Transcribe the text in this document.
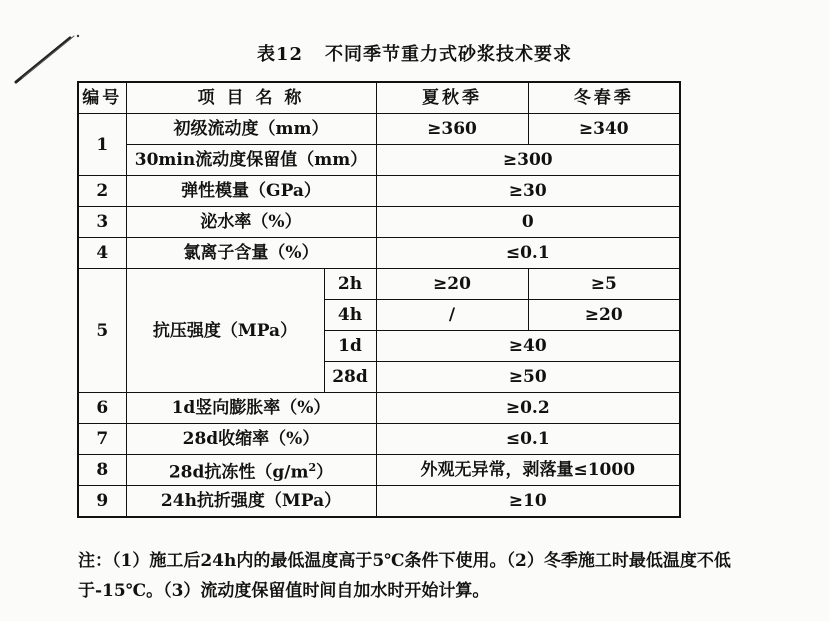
表12 不同季节重力式砂浆技术要求
编号	项 目 名 称		夏秋季	冬春季
1	初级流动度（mm）		≥360	≥340
	30min流动度保留值（mm）		≥300	
2	弹性模量（GPa）		≥30	
3	泌水率（%）		0	
4	氯离子含量（%）		≤0.1	
5	抗压强度（MPa）	2h	≥20	≥5
		4h	/	≥20
		1d	≥40	
		28d	≥50	
6	1d竖向膨胀率（%）		≥0.2	
7	28d收缩率（%）		≤0.1	
8	28d抗冻性$(g/m^2)$		外观无异常，剥落量≤1000	
9	24h抗折强度（MPa）		≥10	
注：（1）施工后24h内的最低温度高于5℃条件下使用。（2）冬季施工时最低温度不低
于-15℃。（3）流动度保留值时间自加水时开始计算。
